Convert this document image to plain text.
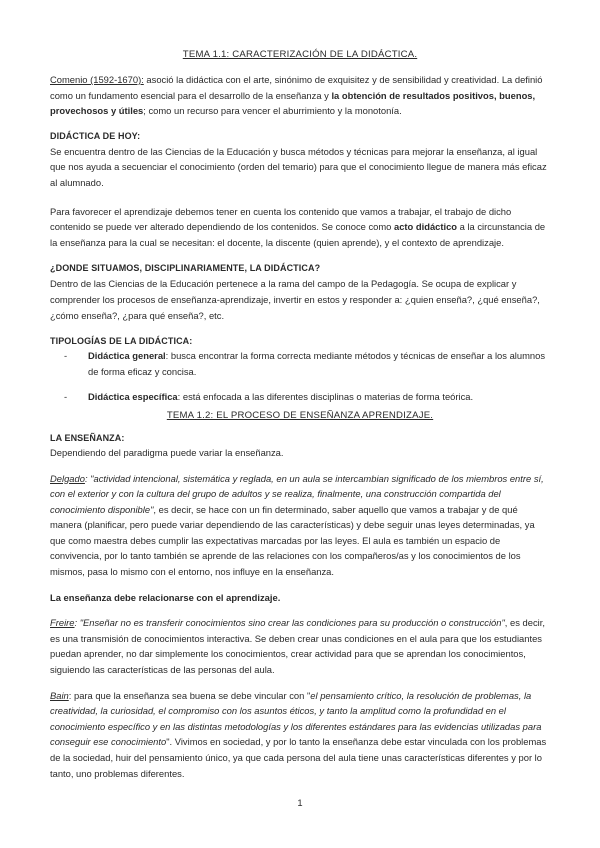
TEMA 1.1: CARACTERIZACIÓN DE LA DIDÁCTICA.

Comenio (1592-1670): asoció la didáctica con el arte, sinónimo de exquisitez y de sensibilidad y creatividad. La definió como un fundamento esencial para el desarrollo de la enseñanza y la obtención de resultados positivos, buenos, provechosos y útiles; como un recurso para vencer el aburrimiento y la monotonía.

DIDÁCTICA DE HOY:

Se encuentra dentro de las Ciencias de la Educación y busca métodos y técnicas para mejorar la enseñanza, al igual que nos ayuda a secuenciar el conocimiento (orden del temario) para que el conocimiento llegue de manera más eficaz al alumnado.

Para favorecer el aprendizaje debemos tener en cuenta los contenido que vamos a trabajar, el trabajo de dicho contenido se puede ver alterado dependiendo de los contenidos. Se conoce como acto didáctico a la circunstancia de la enseñanza para la cual se necesitan: el docente, la discente (quien aprende), y el contexto de aprendizaje.

¿DONDE SITUAMOS, DISCIPLINARIAMENTE, LA DIDÁCTICA?

Dentro de las Ciencias de la Educación pertenece a la rama del campo de la Pedagogía. Se ocupa de explicar y comprender los procesos de enseñanza-aprendizaje, invertir en estos y responder a: ¿quien enseña?, ¿qué enseña?, ¿cómo enseña?, ¿para qué enseña?, etc.

TIPOLOGÍAS DE LA DIDÁCTICA:

- Didáctica general: busca encontrar la forma correcta mediante métodos y técnicas de enseñar a los alumnos de forma eficaz y concisa.
- Didáctica específica: está enfocada a las diferentes disciplinas o materias de forma teórica.

TEMA 1.2: EL PROCESO DE ENSEÑANZA APRENDIZAJE.

LA ENSEÑANZA:

Dependiendo del paradigma puede variar la enseñanza.

Delgado: "actividad intencional, sistemática y reglada, en un aula se intercambian significado de los miembros entre sí, con el exterior y con la cultura del grupo de adultos y se realiza, finalmente, una construcción compartida del conocimiento disponible", es decir, se hace con un fin determinado, saber aquello que vamos a trabajar y de qué manera (planificar, pero puede variar dependiendo de las características) y debe seguir unas leyes determinadas, ya que como maestra debes cumplir las expectativas marcadas por las leyes. El aula es también un espacio de convivencia, por lo tanto también se aprende de las relaciones con los compañeros/as y los conocimientos de los mismos, pasa lo mismo con el entorno, nos influye en la enseñanza.

La enseñanza debe relacionarse con el aprendizaje.

Freire: "Enseñar no es transferir conocimientos sino crear las condiciones para su producción o construcción", es decir, es una transmisión de conocimientos interactiva. Se deben crear unas condiciones en el aula para que los estudiantes puedan aprender, no dar simplemente los conocimientos, crear actividad para que se aprendan los conocimientos, siguiendo las características de las personas del aula.

Bain: para que la enseñanza sea buena se debe vincular con "el pensamiento crítico, la resolución de problemas, la creatividad, la curiosidad, el compromiso con los asuntos éticos, y tanto la amplitud como la profundidad en el conocimiento específico y en las distintas metodologías y los diferentes estándares para las evidencias utilizadas para conseguir ese conocimiento". Vivimos en sociedad, y por lo tanto la enseñanza debe estar vinculada con los problemas de la sociedad, huir del pensamiento único, ya que cada persona del aula tiene unas características diferentes y por lo tanto, uno problemas diferentes.

1
